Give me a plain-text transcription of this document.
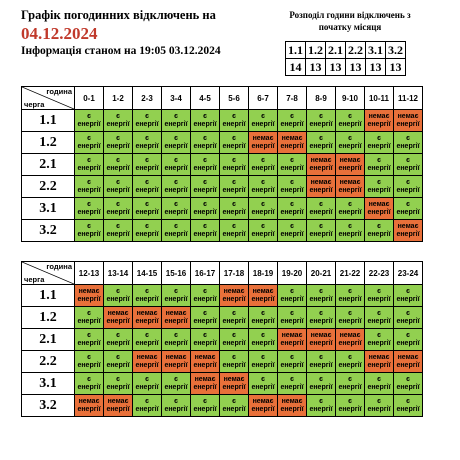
Графік погодинних відключень на
04.12.2024
Інформація станом на 19:05 03.12.2024
Розподіл години відключень з початку місяця
1.1	1.2	2.1	2.2	3.1	3.2
14	13	13	13	13	13
година
черга	0-1	1-2	2-3	3-4	4-5	5-6	6-7	7-8	8-9	9-10	10-11	11-12
1.1	є енергії	є енергії	є енергії	є енергії	є енергії	є енергії	є енергії	є енергії	є енергії	є енергії	немає енергії	немає енергії
1.2	є енергії	є енергії	є енергії	є енергії	є енергії	є енергії	немає енергії	немає енергії	є енергії	є енергії	є енергії	є енергії
2.1	є енергії	є енергії	є енергії	є енергії	є енергії	є енергії	є енергії	є енергії	немає енергії	немає енергії	є енергії	є енергії
2.2	є енергії	є енергії	є енергії	є енергії	є енергії	є енергії	є енергії	є енергії	немає енергії	немає енергії	є енергії	є енергії
3.1	є енергії	є енергії	є енергії	є енергії	є енергії	є енергії	є енергії	є енергії	є енергії	є енергії	немає енергії	є енергії
3.2	є енергії	є енергії	є енергії	є енергії	є енергії	є енергії	є енергії	є енергії	є енергії	є енергії	є енергії	немає енергії
година
черга	12-13	13-14	14-15	15-16	16-17	17-18	18-19	19-20	20-21	21-22	22-23	23-24
1.1	немає енергії	є енергії	є енергії	є енергії	є енергії	немає енергії	немає енергії	є енергії	є енергії	є енергії	є енергії	є енергії
1.2	є енергії	немає енергії	немає енергії	немає енергії	є енергії	є енергії	є енергії	є енергії	є енергії	є енергії	є енергії	є енергії
2.1	є енергії	є енергії	є енергії	є енергії	є енергії	є енергії	є енергії	немає енергії	немає енергії	немає енергії	є енергії	є енергії
2.2	є енергії	є енергії	немає енергії	немає енергії	немає енергії	є енергії	є енергії	є енергії	є енергії	є енергії	немає енергії	немає енергії
3.1	є енергії	є енергії	є енергії	є енергії	немає енергії	немає енергії	є енергії	є енергії	є енергії	є енергії	є енергії	є енергії
3.2	немає енергії	немає енергії	є енергії	є енергії	є енергії	є енергії	немає енергії	немає енергії	є енергії	є енергії	є енергії	є енергії
